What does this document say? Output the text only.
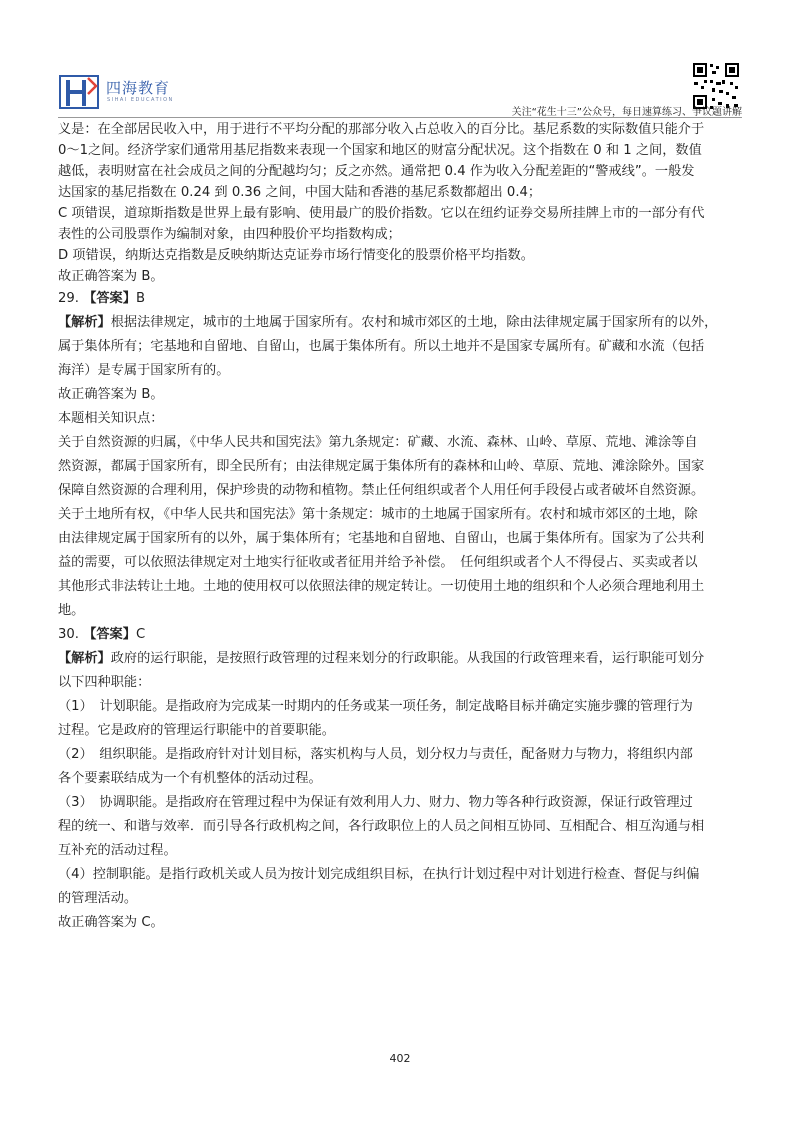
四海教育
SIHAI EDUCATION
关注“花生十三”公众号，每日速算练习、争议题讲解
义是：在全部居民收入中，用于进行不平均分配的那部分收入占总收入的百分比。基尼系数的实际数值只能介于
0～1之间。经济学家们通常用基尼指数来表现一个国家和地区的财富分配状况。这个指数在 0 和 1 之间，数值
越低，表明财富在社会成员之间的分配越均匀；反之亦然。通常把 0.4 作为收入分配差距的“警戒线”。一般发
达国家的基尼指数在 0.24 到 0.36 之间，中国大陆和香港的基尼系数都超出 0.4；
C 项错误，道琼斯指数是世界上最有影响、使用最广的股价指数。它以在纽约证券交易所挂牌上市的一部分有代
表性的公司股票作为编制对象，由四种股价平均指数构成；
D 项错误，纳斯达克指数是反映纳斯达克证券市场行情变化的股票价格平均指数。
故正确答案为 B。
29. 【答案】B
【解析】根据法律规定，城市的土地属于国家所有。农村和城市郊区的土地，除由法律规定属于国家所有的以外，
属于集体所有；宅基地和自留地、自留山，也属于集体所有。所以土地并不是国家专属所有。矿藏和水流（包括
海洋）是专属于国家所有的。
故正确答案为 B。
本题相关知识点：
关于自然资源的归属，《中华人民共和国宪法》第九条规定：矿藏、水流、森林、山岭、草原、荒地、滩涂等自
然资源，都属于国家所有，即全民所有；由法律规定属于集体所有的森林和山岭、草原、荒地、滩涂除外。国家
保障自然资源的合理利用，保护珍贵的动物和植物。禁止任何组织或者个人用任何手段侵占或者破坏自然资源。
关于土地所有权，《中华人民共和国宪法》第十条规定：城市的土地属于国家所有。农村和城市郊区的土地，除
由法律规定属于国家所有的以外，属于集体所有；宅基地和自留地、自留山，也属于集体所有。国家为了公共利
益的需要，可以依照法律规定对土地实行征收或者征用并给予补偿。　任何组织或者个人不得侵占、买卖或者以
其他形式非法转让土地。土地的使用权可以依照法律的规定转让。一切使用土地的组织和个人必须合理地利用土
地。
30. 【答案】C
【解析】政府的运行职能，是按照行政管理的过程来划分的行政职能。从我国的行政管理来看，运行职能可划分
以下四种职能：
（1）　计划职能。是指政府为完成某一时期内的任务或某一项任务，制定战略目标并确定实施步骤的管理行为
过程。它是政府的管理运行职能中的首要职能。
（2）　组织职能。是指政府针对计划目标，落实机构与人员，划分权力与责任，配备财力与物力，将组织内部
各个要素联结成为一个有机整体的活动过程。
（3）　协调职能。是指政府在管理过程中为保证有效利用人力、财力、物力等各种行政资源，保证行政管理过
程的统一、和谐与效率．而引导各行政机构之间，各行政职位上的人员之间相互协同、互相配合、相互沟通与相
互补充的活动过程。
（4）控制职能。是指行政机关或人员为按计划完成组织目标，在执行计划过程中对计划进行检查、督促与纠偏
的管理活动。
故正确答案为 C。
402
